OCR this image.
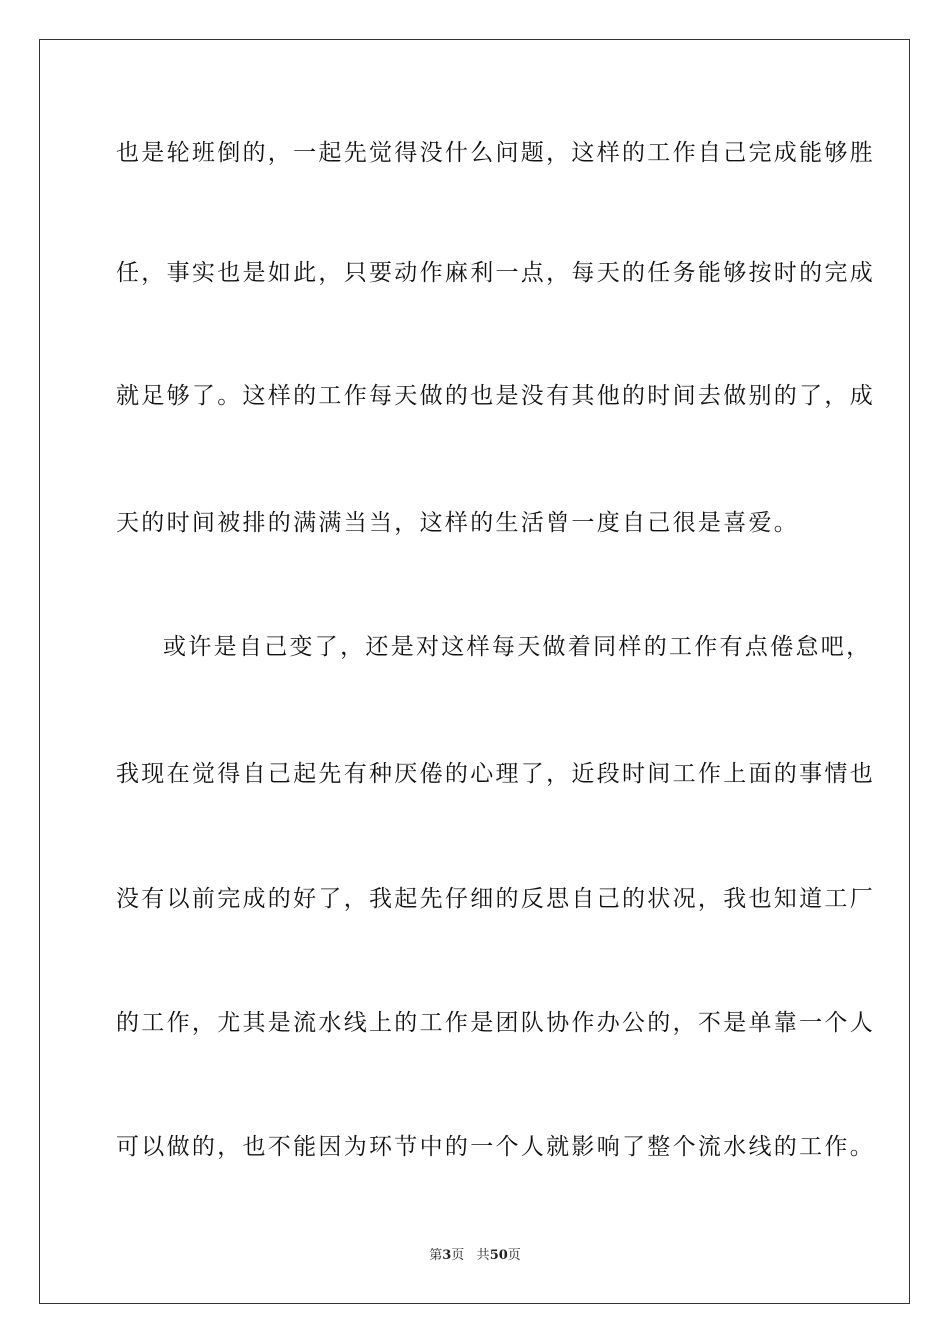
也是轮班倒的，一起先觉得没什么问题，这样的工作自己完成能够胜
任，事实也是如此，只要动作麻利一点，每天的任务能够按时的完成
就足够了。这样的工作每天做的也是没有其他的时间去做别的了，成
天的时间被排的满满当当，这样的生活曾一度自己很是喜爱。
或许是自己变了，还是对这样每天做着同样的工作有点倦怠吧，
我现在觉得自己起先有种厌倦的心理了，近段时间工作上面的事情也
没有以前完成的好了，我起先仔细的反思自己的状况，我也知道工厂
的工作，尤其是流水线上的工作是团队协作办公的，不是单靠一个人
可以做的，也不能因为环节中的一个人就影响了整个流水线的工作。
第3页 共50页
